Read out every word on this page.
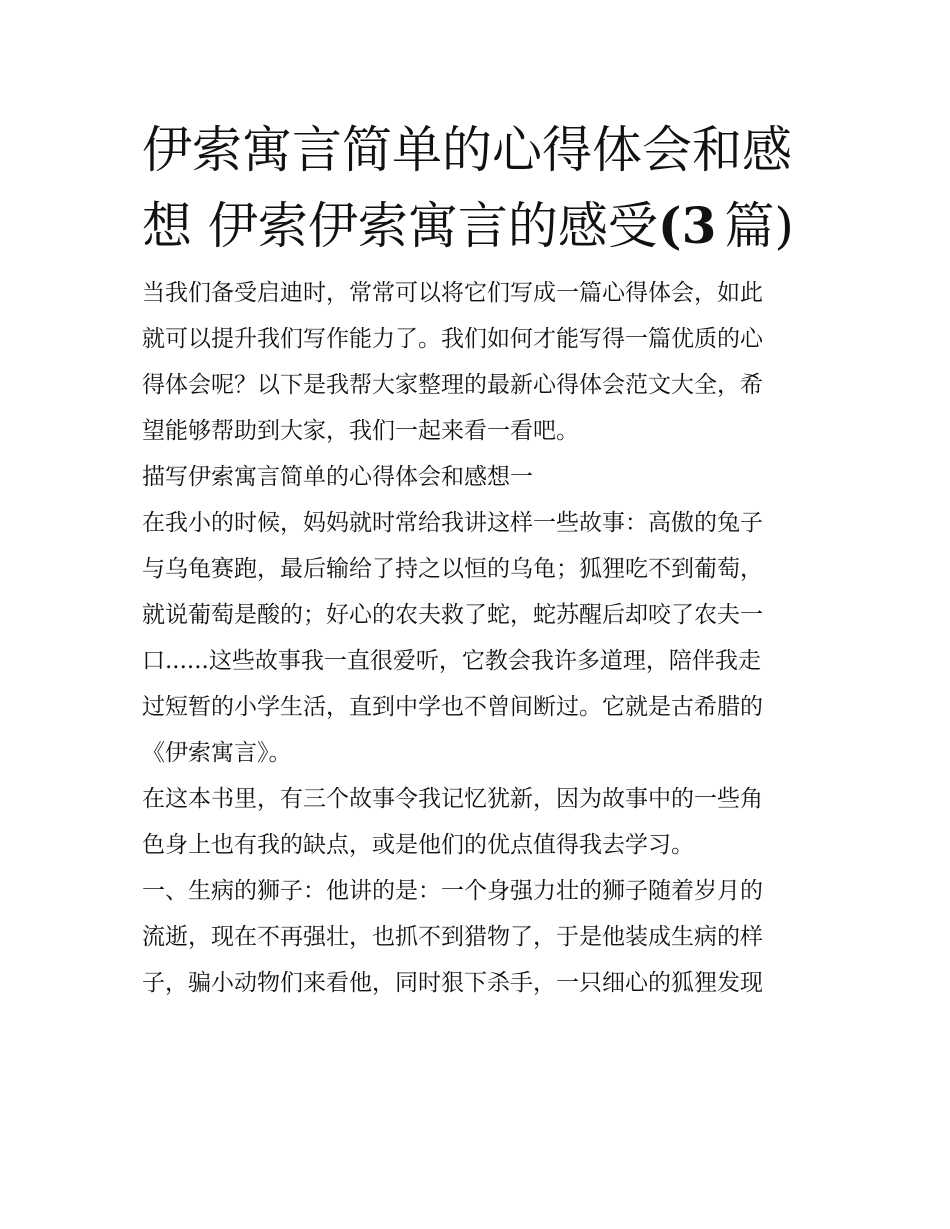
伊索寓言简单的心得体会和感
想 伊索伊索寓言的感受(3 篇)
当我们备受启迪时，常常可以将它们写成一篇心得体会，如此
就可以提升我们写作能力了。我们如何才能写得一篇优质的心
得体会呢？以下是我帮大家整理的最新心得体会范文大全，希
望能够帮助到大家，我们一起来看一看吧。
描写伊索寓言简单的心得体会和感想一
在我小的时候，妈妈就时常给我讲这样一些故事：高傲的兔子
与乌龟赛跑，最后输给了持之以恒的乌龟；狐狸吃不到葡萄，
就说葡萄是酸的；好心的农夫救了蛇，蛇苏醒后却咬了农夫一
口......这些故事我一直很爱听，它教会我许多道理，陪伴我走
过短暂的小学生活，直到中学也不曾间断过。它就是古希腊的
《伊索寓言》。
在这本书里，有三个故事令我记忆犹新，因为故事中的一些角
色身上也有我的缺点，或是他们的优点值得我去学习。
一、生病的狮子：他讲的是：一个身强力壮的狮子随着岁月的
流逝，现在不再强壮，也抓不到猎物了，于是他装成生病的样
子，骗小动物们来看他，同时狠下杀手，一只细心的狐狸发现
